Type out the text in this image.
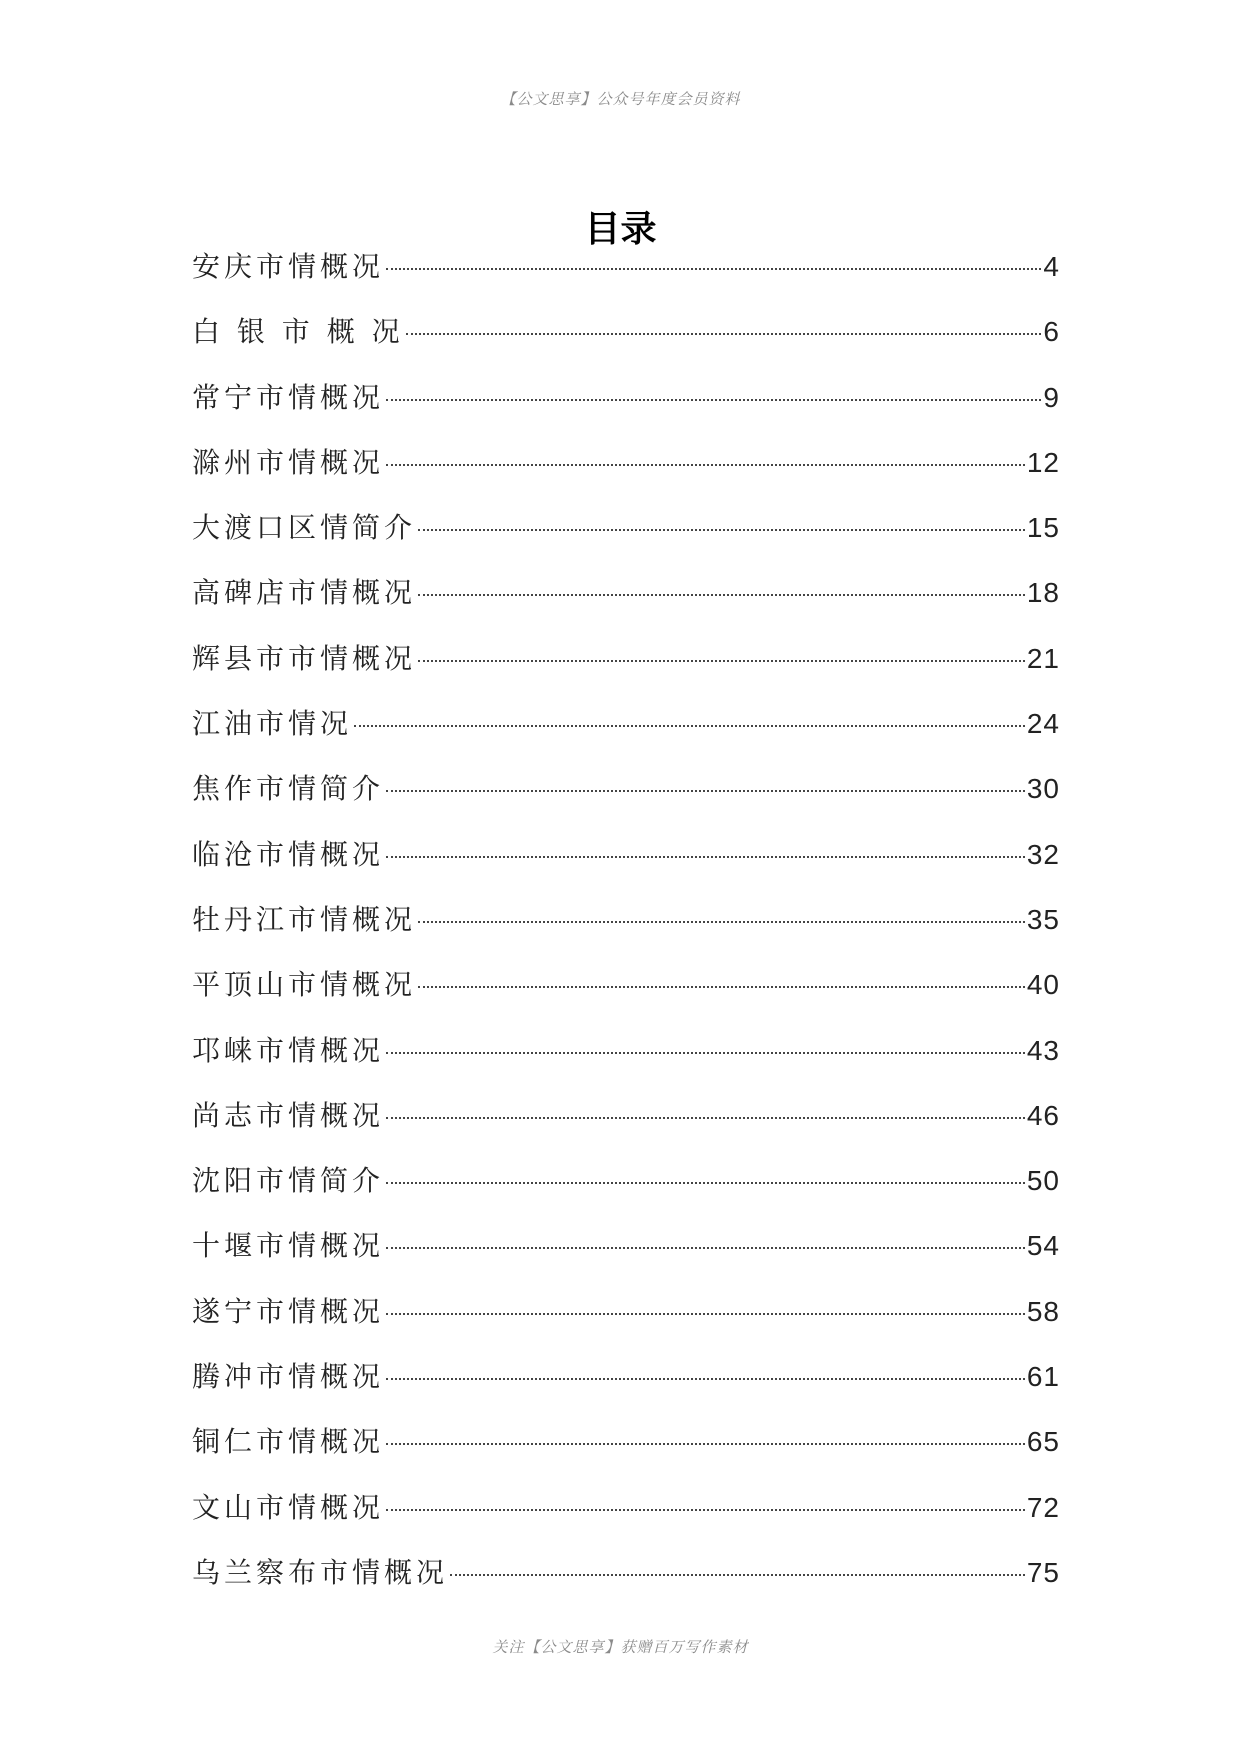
【公文思享】公众号年度会员资料
目录
安庆市情概况	4
白 银 市 概 况	6
常宁市情概况	9
滁州市情概况	12
大渡口区情简介	15
高碑店市情概况	18
辉县市市情概况	21
江油市情况	24
焦作市情简介	30
临沧市情概况	32
牡丹江市情概况	35
平顶山市情概况	40
邛崃市情概况	43
尚志市情概况	46
沈阳市情简介	50
十堰市情概况	54
遂宁市情概况	58
腾冲市情概况	61
铜仁市情概况	65
文山市情概况	72
乌兰察布市情概况	75
关注【公文思享】获赠百万写作素材
